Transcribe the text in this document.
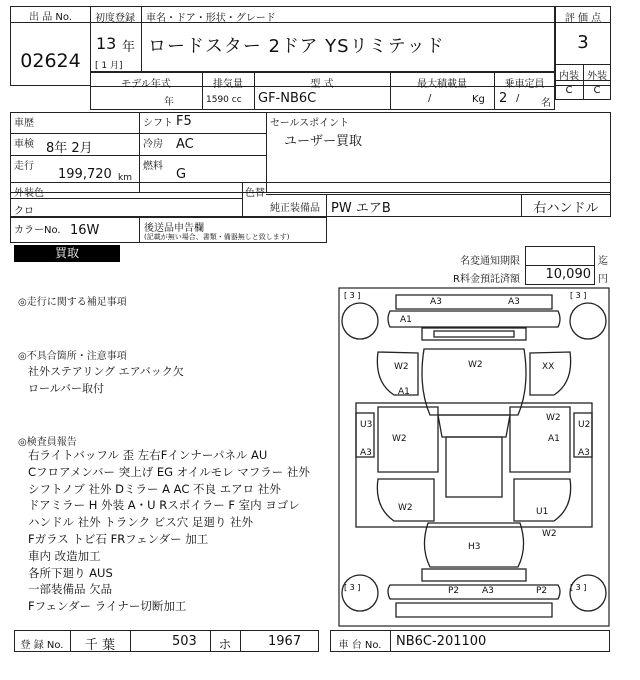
出 品 No.
02624
初度登録 車名・ドア・形状・グレード
13 年
[ 1 月]
ロードスター 2ドア YSリミテッド
評 価 点
3
内装 外装
C	C
モデル年式	排気量	型 式	最大積載量	乗車定員
年	1590 cc GF-NB6C	/	Kg 2 / 名
車歴	シフト F5	セールスポイント
ユーザー買取
車検 8年 2月	冷房 AC
走行
199,720 km
燃料
G
外装色
クロ
色替
純正装備品 PW エアB	右ハンドル
カラーNo. 16W	後送品申告欄
(記載が無い場合、書類・備器無しと致します)
買取
名変通知期限	迄
R料金預託済額	10,090 円
◎走行に関する補足事項
◎不具合箇所・注意事項
社外ステアリング エアバック欠
ロールバー取付
◎検査員報告
右ライトバッフル 歪 左右Fインナーパネル AU
Cフロアメンバー 突上げ EG オイルモレ マフラー 社外
シフトノブ 社外 Dミラー A AC 不良 エアロ 社外
ドアミラー H 外装 A・U Rスポイラー F 室内 ヨゴレ
ハンドル 社外 トランク ビス穴 足廻り 社外
Fガラス トビ石 FRフェンダー 加工
車内 改造加工
各所下廻り AUS
一部装備品 欠品
Fフェンダー ライナー切断加工
[ 3 ]	[ 3 ]
[ 3 ]	[ 3 ]
A3	A3
A1
W2	W2	XX
A1
U3
A3
W2
W2
A1
U2
A3
W2	U1
W2
H3
P2	A3	P2
登 録 No.	千 葉	503	ホ	1967	車 台 No.	NB6C-201100
